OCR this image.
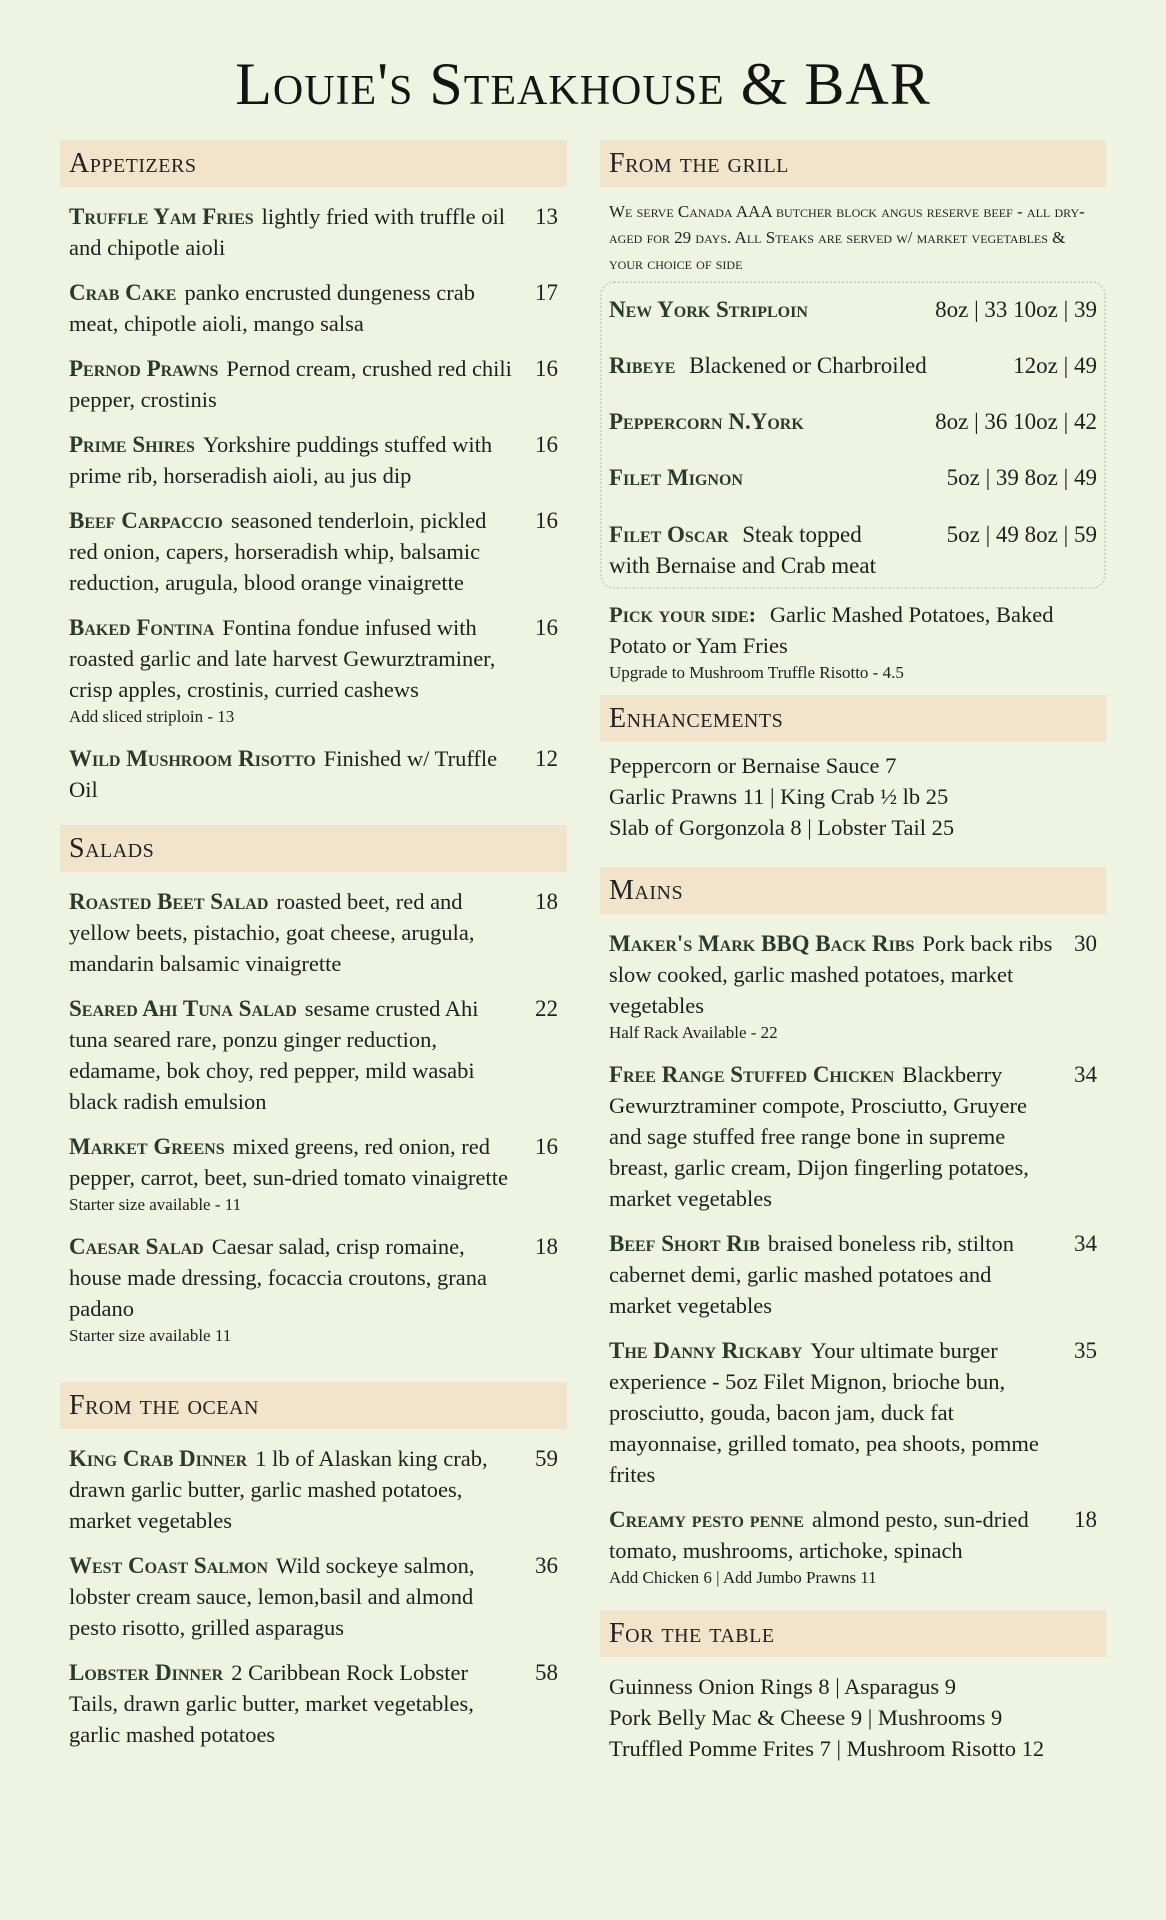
Louie's Steakhouse & BAR
Appetizers
Truffle Yam Fries lightly fried with truffle oil and chipotle aioli
13
Crab Cake panko encrusted dungeness crab meat, chipotle aioli, mango salsa
17
Pernod Prawns Pernod cream, crushed red chili pepper, crostinis
16
Prime Shires Yorkshire puddings stuffed with prime rib, horseradish aioli, au jus dip
16
Beef Carpaccio seasoned tenderloin, pickled red onion, capers, horseradish whip, balsamic reduction, arugula, blood orange vinaigrette
16
Baked Fontina Fontina fondue infused with roasted garlic and late harvest Gewurztraminer, crisp apples, crostinis, curried cashews
16
Add sliced striploin - 13
Wild Mushroom Risotto Finished w/ Truffle Oil
12
Salads
Roasted Beet Salad roasted beet, red and yellow beets, pistachio, goat cheese, arugula, mandarin balsamic vinaigrette
18
Seared Ahi Tuna Salad sesame crusted Ahi tuna seared rare, ponzu ginger reduction, edamame, bok choy, red pepper, mild wasabi black radish emulsion
22
Market Greens mixed greens, red onion, red pepper, carrot, beet, sun-dried tomato vinaigrette
16
Starter size available - 11
Caesar Salad Caesar salad, crisp romaine, house made dressing, focaccia croutons, grana padano
18
Starter size available 11
From the ocean
King Crab Dinner 1 lb of Alaskan king crab, drawn garlic butter, garlic mashed potatoes, market vegetables
59
West Coast Salmon Wild sockeye salmon, lobster cream sauce, lemon,basil and almond pesto risotto, grilled asparagus
36
Lobster Dinner 2 Caribbean Rock Lobster Tails, drawn garlic butter, market vegetables, garlic mashed potatoes
58
From the grill
We serve Canada AAA butcher block angus reserve beef - all dry-aged for 29 days. All Steaks are served w/ market vegetables & your choice of side
New York Striploin	8oz | 33 10oz | 39
Ribeye Blackened or Charbroiled	12oz | 49
Peppercorn N.York	8oz | 36 10oz | 42
Filet Mignon	5oz | 39 8oz | 49
Filet Oscar Steak topped with Bernaise and Crab meat
5oz | 49 8oz | 59
Pick your side: Garlic Mashed Potatoes, Baked Potato or Yam Fries
Upgrade to Mushroom Truffle Risotto - 4.5
Enhancements
Peppercorn or Bernaise Sauce 7
Garlic Prawns 11 | King Crab ½ lb 25
Slab of Gorgonzola 8 | Lobster Tail 25
Mains
Maker's Mark BBQ Back Ribs Pork back ribs slow cooked, garlic mashed potatoes, market vegetables
30
Half Rack Available - 22
Free Range Stuffed Chicken Blackberry Gewurztraminer compote, Prosciutto, Gruyere and sage stuffed free range bone in supreme breast, garlic cream, Dijon fingerling potatoes, market vegetables
34
Beef Short Rib braised boneless rib, stilton cabernet demi, garlic mashed potatoes and market vegetables
34
The Danny Rickaby Your ultimate burger experience - 5oz Filet Mignon, brioche bun, prosciutto, gouda, bacon jam, duck fat mayonnaise, grilled tomato, pea shoots, pomme frites
35
Creamy pesto penne almond pesto, sun-dried tomato, mushrooms, artichoke, spinach
18
Add Chicken 6 | Add Jumbo Prawns 11
For the table
Guinness Onion Rings 8 | Asparagus 9
Pork Belly Mac & Cheese 9 | Mushrooms 9
Truffled Pomme Frites 7 | Mushroom Risotto 12
